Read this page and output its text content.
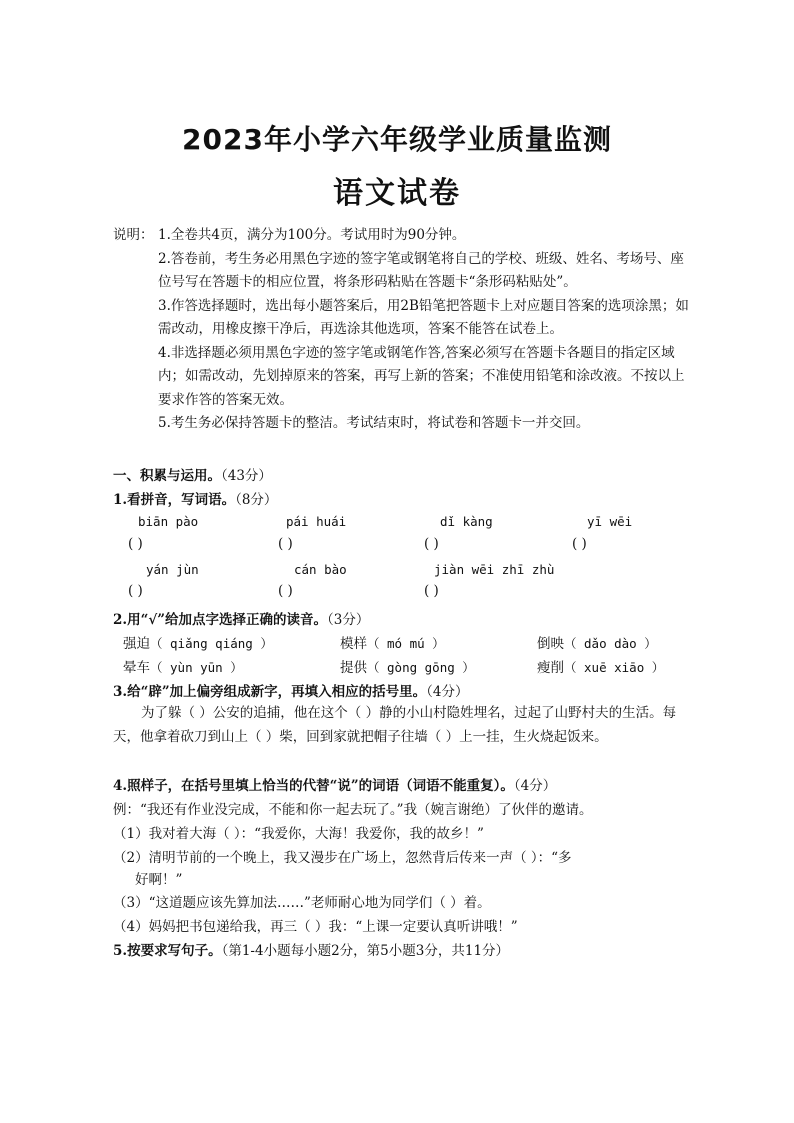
2023年小学六年级学业质量监测
语文试卷
说明： 1.全卷共4页，满分为100分。考试用时为90分钟。
2.答卷前，考生务必用黑色字迹的签字笔或钢笔将自己的学校、班级、姓名、考场号、座位号写在答题卡的相应位置，将条形码粘贴在答题卡“条形码粘贴处”。
3.作答选择题时，选出每小题答案后，用2B铅笔把答题卡上对应题目答案的选项涂黑；如需改动，用橡皮擦干净后，再选涂其他选项，答案不能答在试卷上。
4.非选择题必须用黑色字迹的签字笔或钢笔作答,答案必须写在答题卡各题目的指定区域内；如需改动，先划掉原来的答案，再写上新的答案；不准使用铅笔和涂改液。不按以上要求作答的答案无效。
5.考生务必保持答题卡的整洁。考试结束时，将试卷和答题卡一并交回。
一、积累与运用。（43分）
1.看拼音，写词语。（8分）
biān pào	pái huái	dǐ kàng	yī wēi
( )	( )	( )	( )
yán jùn	cán bào	jiàn wēi zhī zhù
( )	( )	( )
2.用“√”给加点字选择正确的读音。（3分）
强迫（ qiǎng qiáng ）	模样（ mó mú ）	倒映（ dǎo dào ）
晕车（ yùn yūn ）	提供（ gòng gōng ）	瘦削（ xuē xiāo ）
3.给“辟”加上偏旁组成新字，再填入相应的括号里。（4分）
为了躲（ ）公安的追捕，他在这个（ ）静的小山村隐姓埋名，过起了山野村夫的生活。每天，他拿着砍刀到山上（ ）柴，回到家就把帽子往墙（ ）上一挂，生火烧起饭来。
4.照样子，在括号里填上恰当的代替“说”的词语（词语不能重复）。（4分）
例：“我还有作业没完成，不能和你一起去玩了。”我（婉言谢绝）了伙伴的邀请。
（1）我对着大海（ ）：“我爱你，大海！我爱你，我的故乡！”
（2）清明节前的一个晚上，我又漫步在广场上，忽然背后传来一声（ ）：“多
好啊！”
（3）“这道题应该先算加法……”老师耐心地为同学们（ ）着。
（4）妈妈把书包递给我，再三（ ）我：“上课一定要认真听讲哦！”
5.按要求写句子。（第1-4小题每小题2分，第5小题3分，共11分）
